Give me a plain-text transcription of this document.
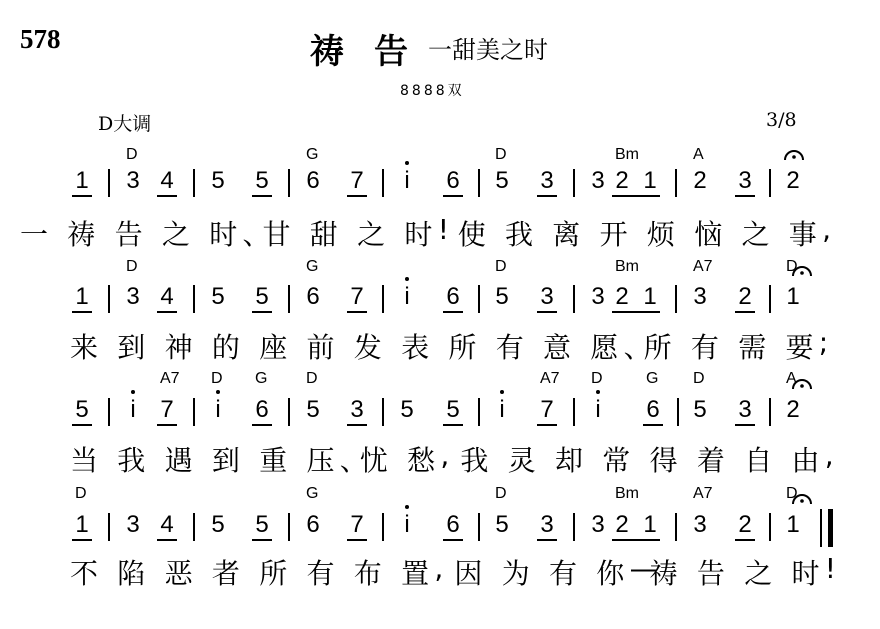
578	祷告
一甜美之时
8888双
D大调	3/8
1 3 4 5 5 6 7	i	6 5 3 3 2 1 2 3 2
D	G	D	Bm	A
一 祷 告 之 时 、
甘 甜 之 时 ! 使 我 离 开 烦 恼 之 事 ,
1 3 4 5 5 6 7	i	6 5 3 3 2 1 3 2 1
D	G	D	Bm	A7	D
来 到 神 的 座 前 发 表 所 有 意 愿 、
所 有 需 要 ;
5	i	7	i	6 5 3 5 5	i	7	i	6 5 3 2
A7 D G D	A7 D	G D	A
当 我 遇 到 重 压 、
忧 愁 , 我 灵 却 常 得 着 自 由 ,
1 3 4 5 5 6 7	i	6 5 3 3 2 1 3 2 1
D	G	D	Bm	A7	D
不 陷 恶 者 所 有 布 置 , 因 为 有 你 —
祷 告 之 时 !
